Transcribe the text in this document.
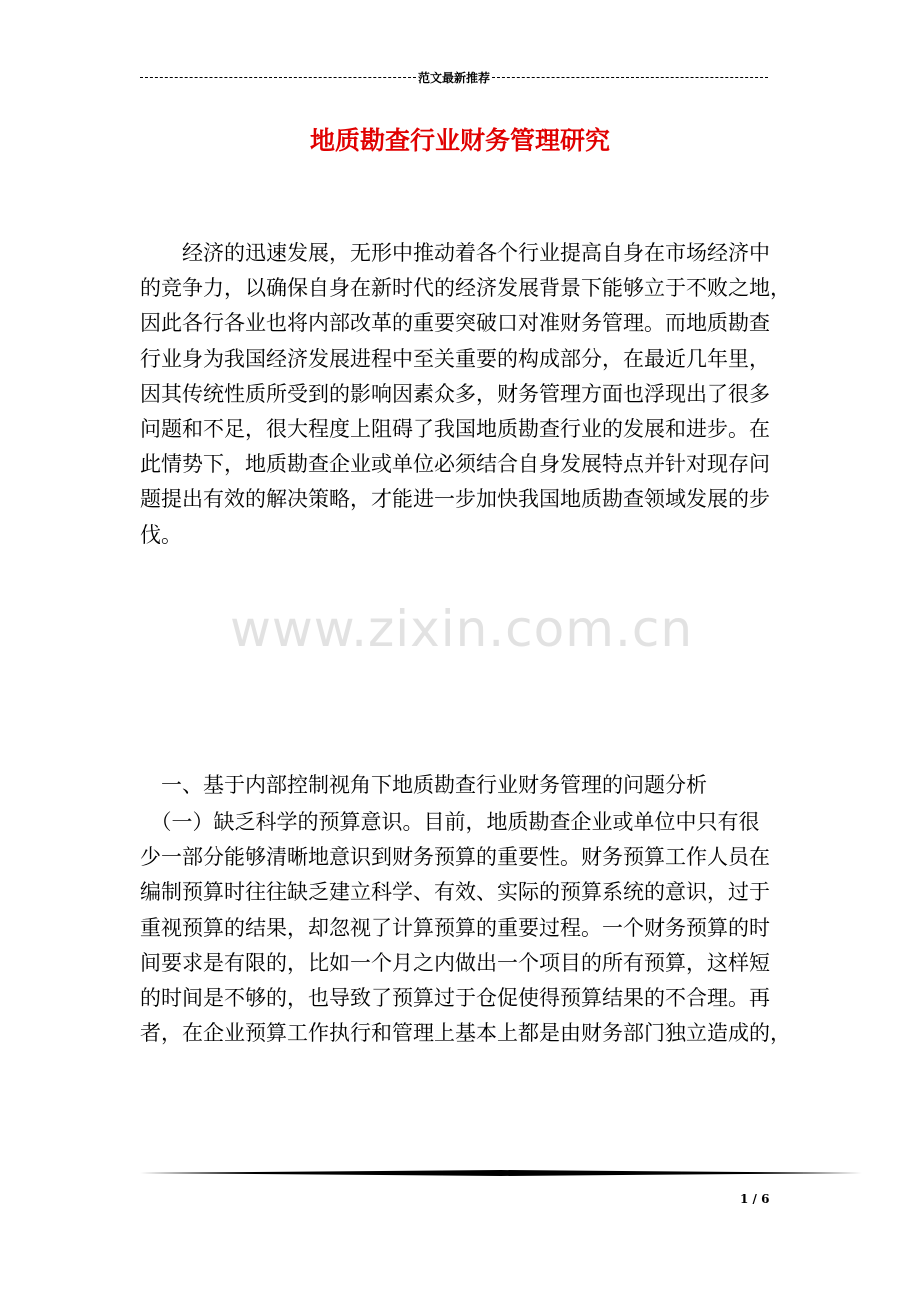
范文最新推荐
地质勘查行业财务管理研究
　　经济的迅速发展，无形中推动着各个行业提高自身在市场经济中
的竞争力，以确保自身在新时代的经济发展背景下能够立于不败之地，
因此各行各业也将内部改革的重要突破口对准财务管理。而地质勘查
行业身为我国经济发展进程中至关重要的构成部分，在最近几年里，
因其传统性质所受到的影响因素众多，财务管理方面也浮现出了很多
问题和不足，很大程度上阻碍了我国地质勘查行业的发展和进步。在
此情势下，地质勘查企业或单位必须结合自身发展特点并针对现存问
题提出有效的解决策略，才能进一步加快我国地质勘查领域发展的步
伐。
www.zixin.com.cn
　一、基于内部控制视角下地质勘查行业财务管理的问题分析
　（一）缺乏科学的预算意识。目前，地质勘查企业或单位中只有很
少一部分能够清晰地意识到财务预算的重要性。财务预算工作人员在
编制预算时往往缺乏建立科学、有效、实际的预算系统的意识，过于
重视预算的结果，却忽视了计算预算的重要过程。一个财务预算的时
间要求是有限的，比如一个月之内做出一个项目的所有预算，这样短
的时间是不够的，也导致了预算过于仓促使得预算结果的不合理。再
者，在企业预算工作执行和管理上基本上都是由财务部门独立造成的，
1 / 6
